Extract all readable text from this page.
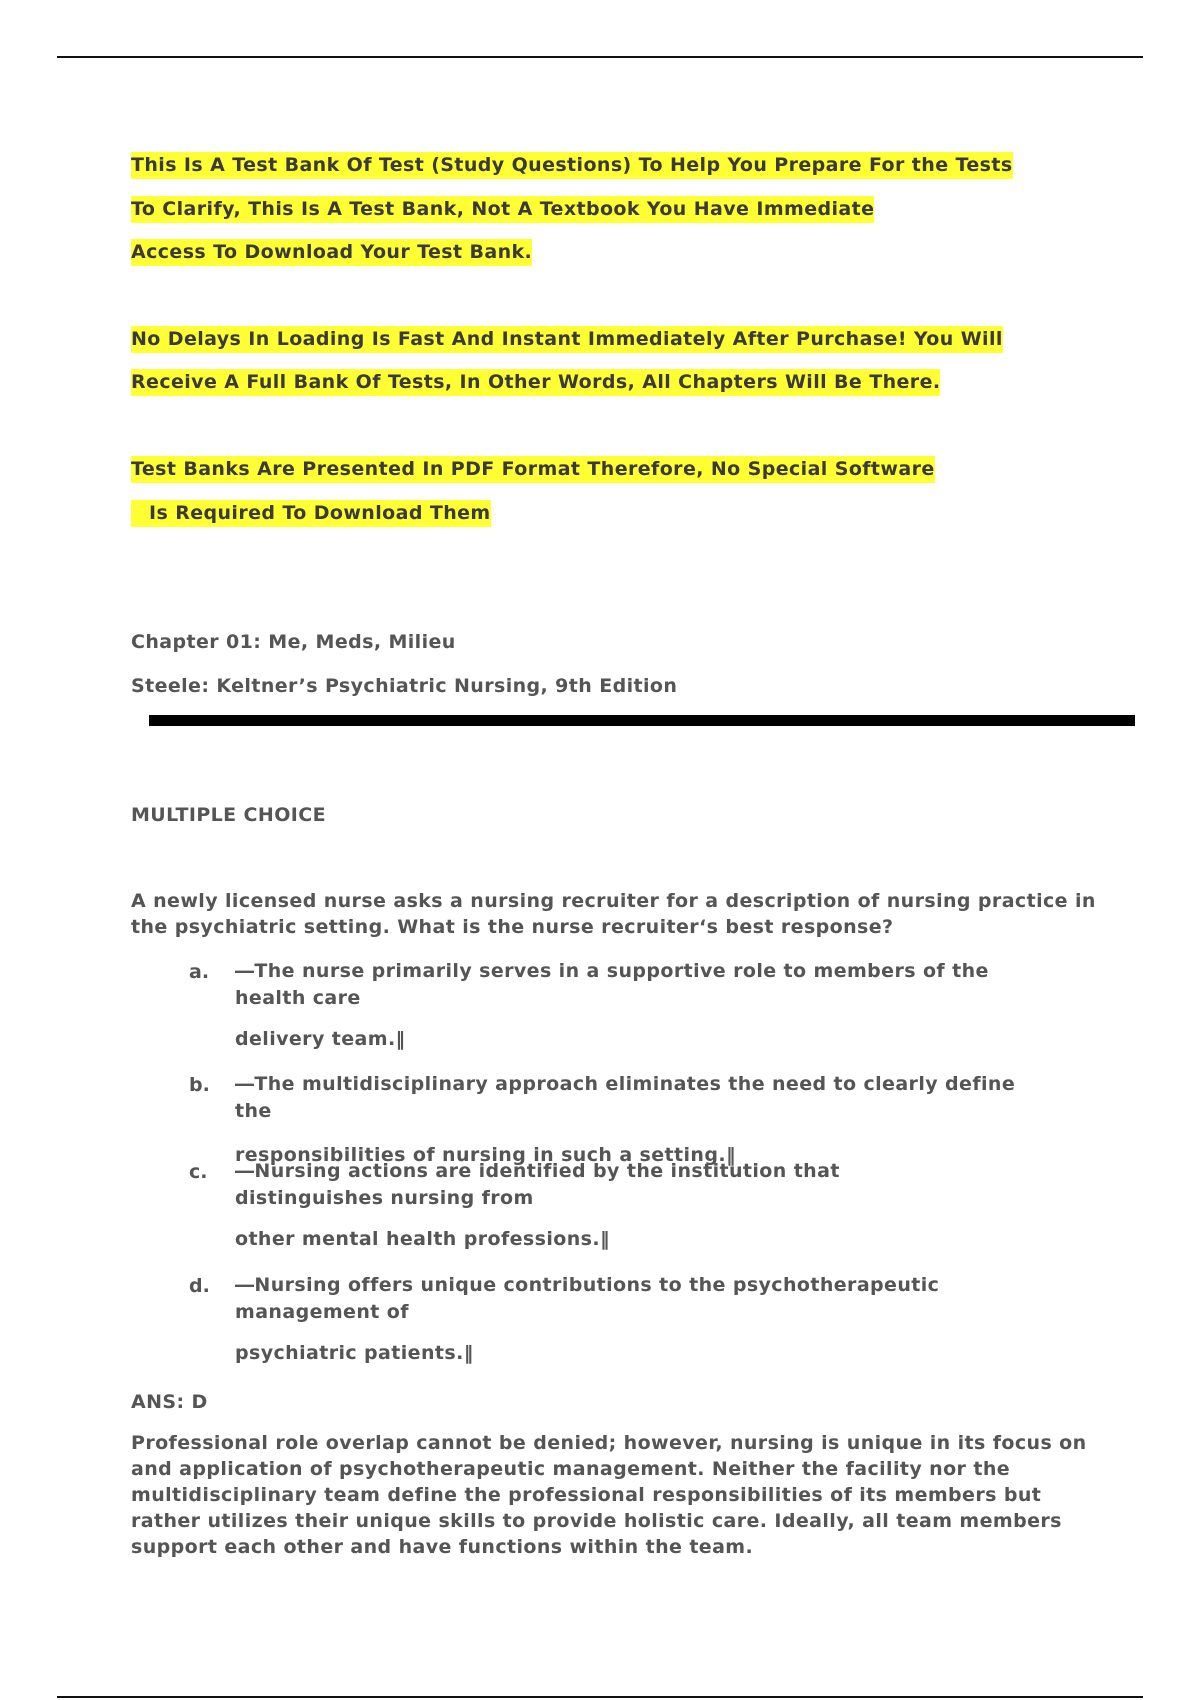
This Is A Test Bank Of Test (Study Questions) To Help You Prepare For the Tests
To Clarify, This Is A Test Bank, Not A Textbook You Have Immediate
Access To Download Your Test Bank.
No Delays In Loading Is Fast And Instant Immediately After Purchase! You Will
Receive A Full Bank Of Tests, In Other Words, All Chapters Will Be There.
Test Banks Are Presented In PDF Format Therefore, No Special Software
Is Required To Download Them
Chapter 01: Me, Meds, Milieu
Steele: Keltner’s Psychiatric Nursing, 9th Edition
MULTIPLE CHOICE
A newly licensed nurse asks a nursing recruiter for a description of nursing practice in the psychiatric setting. What is the nurse recruiter‘s best response?
a. ―The nurse primarily serves in a supportive role to members of the health care
delivery team.‖
b. ―The multidisciplinary approach eliminates the need to clearly define the
responsibilities of nursing in such a setting.‖
c. ―Nursing actions are identified by the institution that distinguishes nursing from
other mental health professions.‖
d. ―Nursing offers unique contributions to the psychotherapeutic management of
psychiatric patients.‖
ANS: D
Professional role overlap cannot be denied; however, nursing is unique in its focus on and application of psychotherapeutic management. Neither the facility nor the multidisciplinary team define the professional responsibilities of its members but rather utilizes their unique skills to provide holistic care. Ideally, all team members support each other and have functions within the team.
